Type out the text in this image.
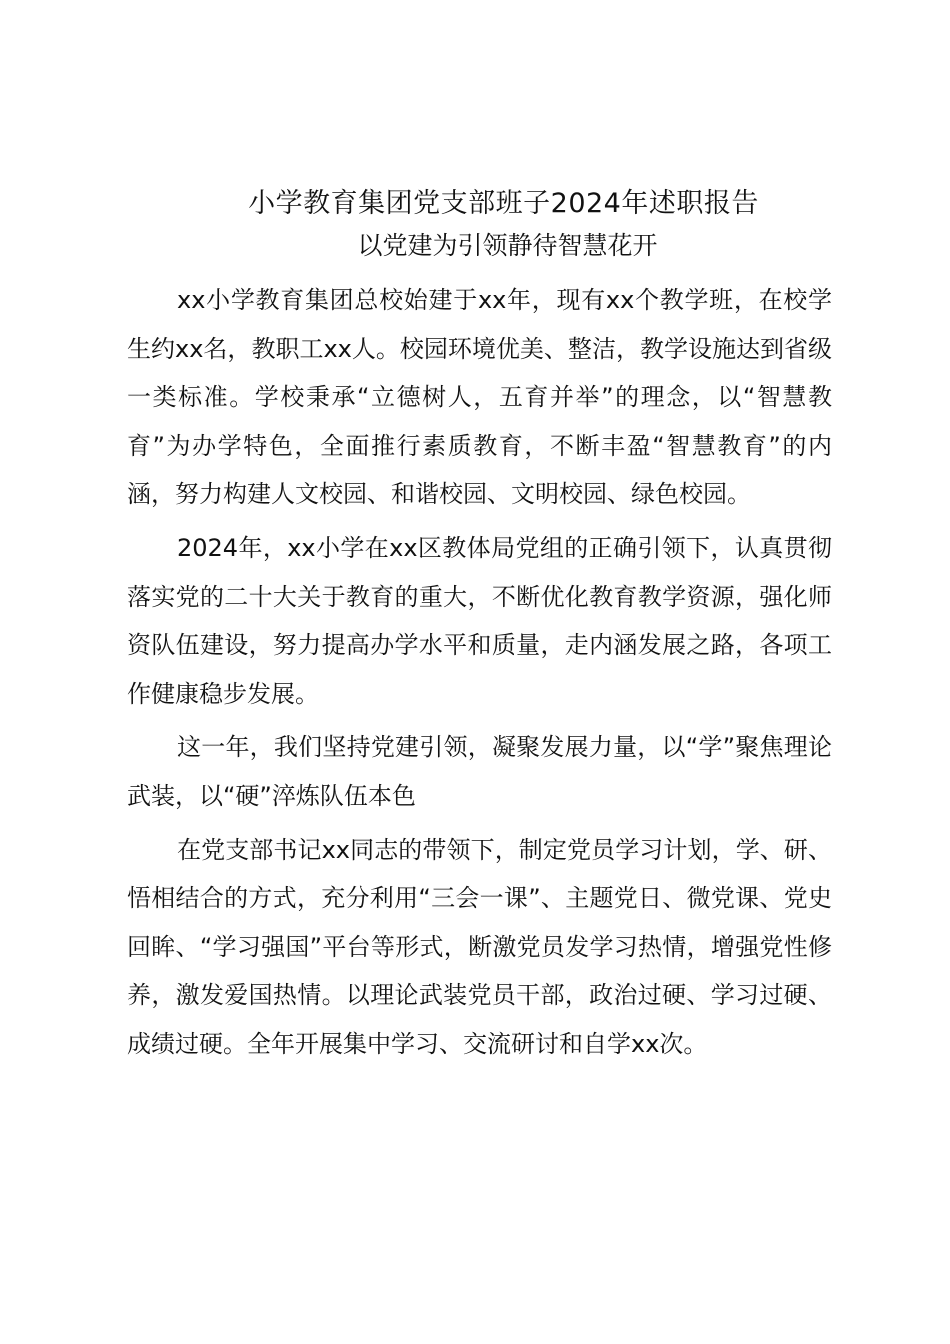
小学教育集团党支部班子2024年述职报告
以党建为引领静待智慧花开

xx小学教育集团总校始建于xx年，现有xx个教学班，在校学生约xx名，教职工xx人。校园环境优美、整洁，教学设施达到省级一类标准。学校秉承“立德树人，五育并举”的理念，以“智慧教育”为办学特色，全面推行素质教育，不断丰盈“智慧教育”的内涵，努力构建人文校园、和谐校园、文明校园、绿色校园。

2024年，xx小学在xx区教体局党组的正确引领下，认真贯彻落实党的二十大关于教育的重大，不断优化教育教学资源，强化师资队伍建设，努力提高办学水平和质量，走内涵发展之路，各项工作健康稳步发展。

这一年，我们坚持党建引领，凝聚发展力量，以“学”聚焦理论武装，以“硬”淬炼队伍本色

在党支部书记xx同志的带领下，制定党员学习计划，学、研、悟相结合的方式，充分利用“三会一课”、主题党日、微党课、党史回眸、“学习强国”平台等形式，断激党员发学习热情，增强党性修养，激发爱国热情。以理论武装党员干部，政治过硬、学习过硬、成绩过硬。全年开展集中学习、交流研讨和自学xx次。
